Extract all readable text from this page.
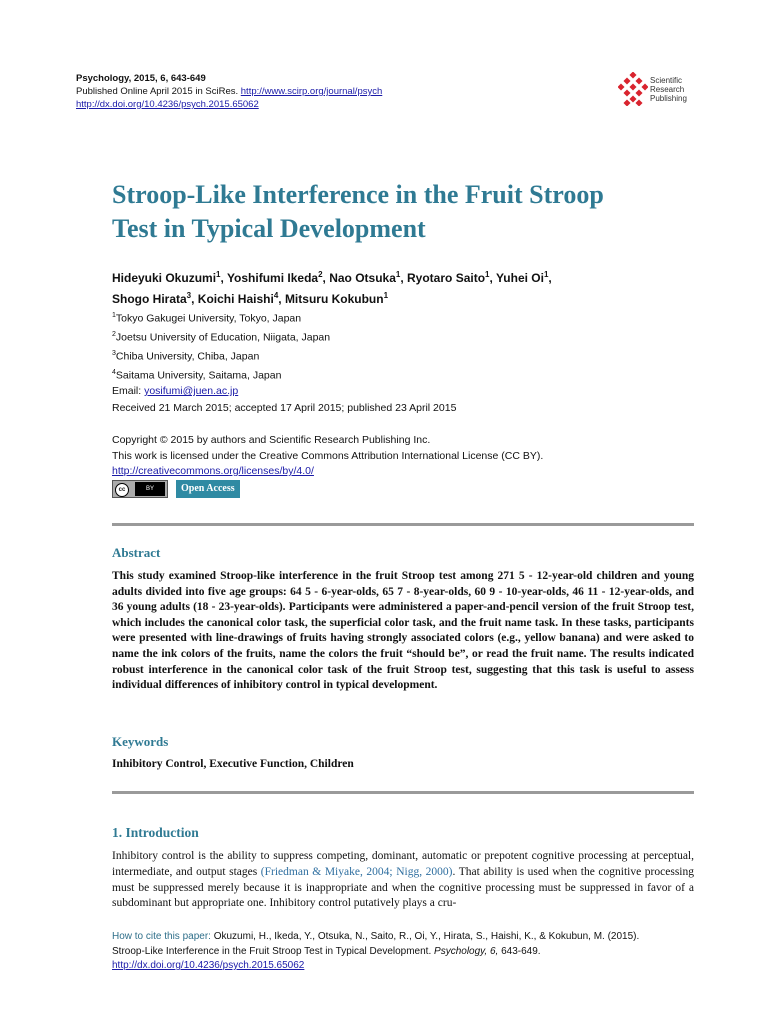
Psychology, 2015, 6, 643-649
Published Online April 2015 in SciRes. http://www.scirp.org/journal/psych
http://dx.doi.org/10.4236/psych.2015.65062
Scientific
Research
Publishing
Stroop-Like Interference in the Fruit Stroop
Test in Typical Development
Hideyuki Okuzumi$^1$, Yoshifumi Ikeda$^2$, Nao Otsuka$^1$, Ryotaro Saito$^1$, Yuhei Oi$^1$,
Shogo Hirata$^3$, Koichi Haishi$^4$, Mitsuru Kokubun$^1$
$^1$Tokyo Gakugei University, Tokyo, Japan
$^2$Joetsu University of Education, Niigata, Japan
$^3$Chiba University, Chiba, Japan
$^4$Saitama University, Saitama, Japan
Email: yosifumi@juen.ac.jp
Received 21 March 2015; accepted 17 April 2015; published 23 April 2015
Copyright © 2015 by authors and Scientific Research Publishing Inc.
This work is licensed under the Creative Commons Attribution International License (CC BY).
http://creativecommons.org/licenses/by/4.0/
cc	BY	Open Access
Abstract
This study examined Stroop-like interference in the fruit Stroop test among 271 5 - 12-year-old children and young adults divided into five age groups: 64 5 - 6-year-olds, 65 7 - 8-year-olds, 60 9 - 10-year-olds, 46 11 - 12-year-olds, and 36 young adults (18 - 23-year-olds). Participants were administered a paper-and-pencil version of the fruit Stroop test, which includes the canonical color task, the superficial color task, and the fruit name task. In these tasks, participants were presented with line-drawings of fruits having strongly associated colors (e.g., yellow banana) and were asked to name the ink colors of the fruits, name the colors the fruit “should be”, or read the fruit name. The results indicated robust interference in the canonical color task of the fruit Stroop test, suggesting that this task is useful to assess individual differences of inhibitory control in typical development.
Keywords
Inhibitory Control, Executive Function, Children
1. Introduction
Inhibitory control is the ability to suppress competing, dominant, automatic or prepotent cognitive processing at perceptual, intermediate, and output stages (Friedman & Miyake, 2004; Nigg, 2000). That ability is used when the cognitive processing must be suppressed merely because it is inappropriate and when the cognitive processing must be suppressed in favor of a subdominant but appropriate one. Inhibitory control putatively plays a cru-
How to cite this paper: Okuzumi, H., Ikeda, Y., Otsuka, N., Saito, R., Oi, Y., Hirata, S., Haishi, K., & Kokubun, M. (2015).
Stroop-Like Interference in the Fruit Stroop Test in Typical Development. Psychology, 6, 643-649.
http://dx.doi.org/10.4236/psych.2015.65062
